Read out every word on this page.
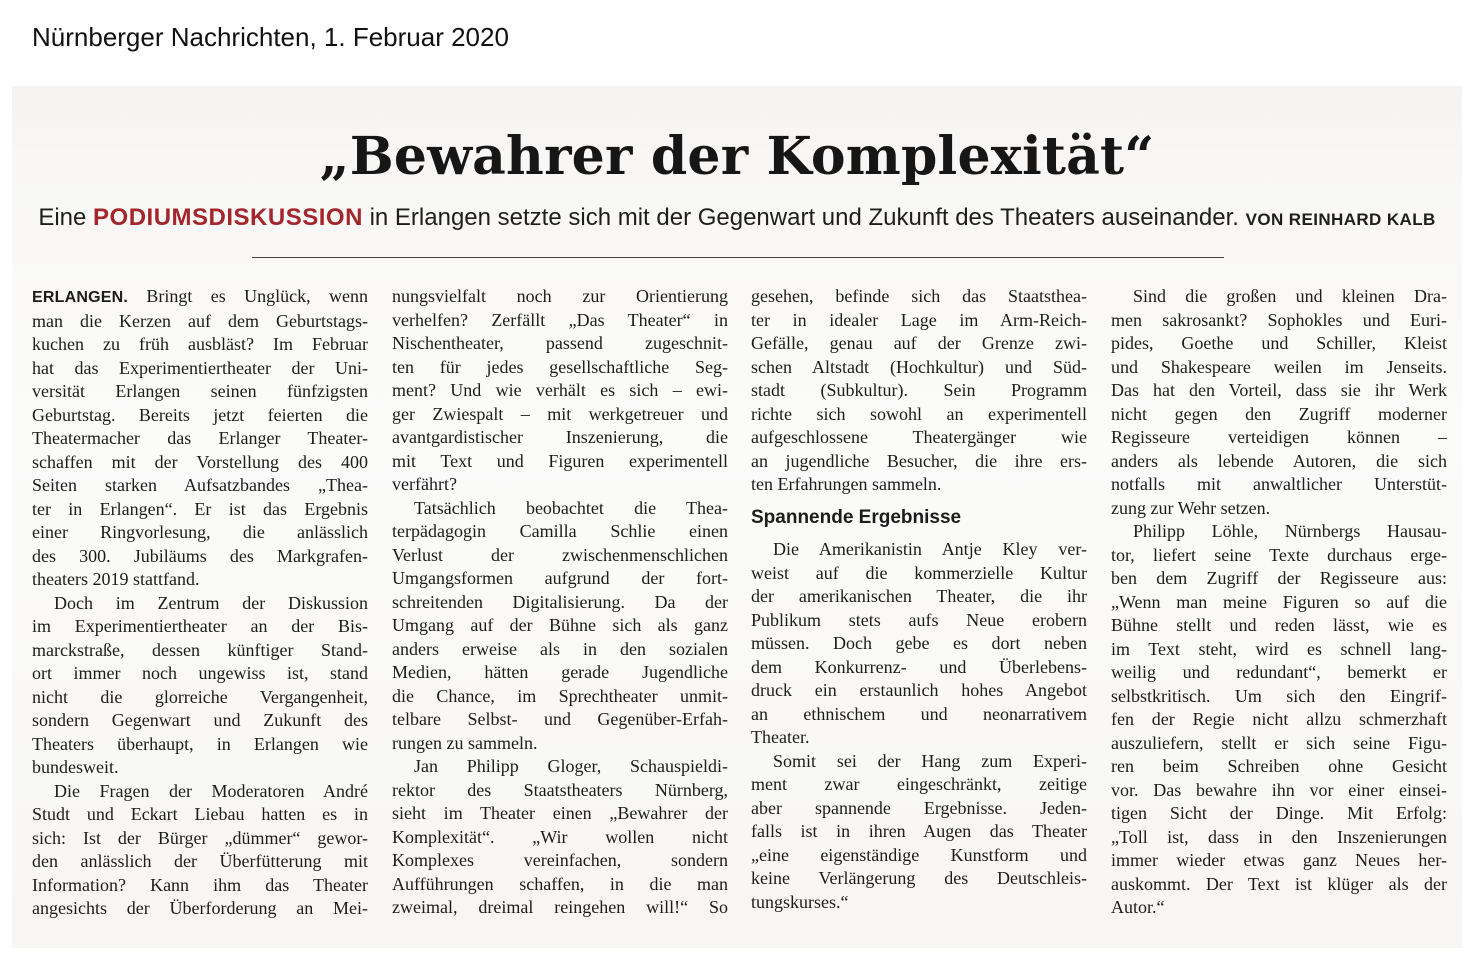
Nürnberger Nachrichten, 1. Februar 2020
„Bewahrer der Komplexität“
Eine PODIUMSDISKUSSION in Erlangen setzte sich mit der Gegenwart und Zukunft des Theaters auseinander. VON REINHARD KALB
ERLANGEN. Bringt es Unglück, wenn
man die Kerzen auf dem Geburtstags-
kuchen zu früh ausbläst? Im Februar
hat das Experimentiertheater der Uni-
versität Erlangen seinen fünfzigsten
Geburtstag. Bereits jetzt feierten die
Theatermacher das Erlanger Theater-
schaffen mit der Vorstellung des 400
Seiten starken Aufsatzbandes „Thea-
ter in Erlangen“. Er ist das Ergebnis
einer Ringvorlesung, die anlässlich
des 300. Jubiläums des Markgrafen-
theaters 2019 stattfand.
Doch im Zentrum der Diskussion
im Experimentiertheater an der Bis-
marckstraße, dessen künftiger Stand-
ort immer noch ungewiss ist, stand
nicht die glorreiche Vergangenheit,
sondern Gegenwart und Zukunft des
Theaters überhaupt, in Erlangen wie
bundesweit.
Die Fragen der Moderatoren André
Studt und Eckart Liebau hatten es in
sich: Ist der Bürger „dümmer“ gewor-
den anlässlich der Überfütterung mit
Information? Kann ihm das Theater
angesichts der Überforderung an Mei-
nungsvielfalt noch zur Orientierung
verhelfen? Zerfällt „Das Theater“ in
Nischentheater, passend zugeschnit-
ten für jedes gesellschaftliche Seg-
ment? Und wie verhält es sich – ewi-
ger Zwiespalt – mit werkgetreuer und
avantgardistischer Inszenierung, die
mit Text und Figuren experimentell
verfährt?
Tatsächlich beobachtet die Thea-
terpädagogin Camilla Schlie einen
Verlust der zwischenmenschlichen
Umgangsformen aufgrund der fort-
schreitenden Digitalisierung. Da der
Umgang auf der Bühne sich als ganz
anders erweise als in den sozialen
Medien, hätten gerade Jugendliche
die Chance, im Sprechtheater unmit-
telbare Selbst- und Gegenüber-Erfah-
rungen zu sammeln.
Jan Philipp Gloger, Schauspieldi-
rektor des Staatstheaters Nürnberg,
sieht im Theater einen „Bewahrer der
Komplexität“. „Wir wollen nicht
Komplexes vereinfachen, sondern
Aufführungen schaffen, in die man
zweimal, dreimal reingehen will!“ So
gesehen, befinde sich das Staatsthea-
ter in idealer Lage im Arm-Reich-
Gefälle, genau auf der Grenze zwi-
schen Altstadt (Hochkultur) und Süd-
stadt (Subkultur). Sein Programm
richte sich sowohl an experimentell
aufgeschlossene Theatergänger wie
an jugendliche Besucher, die ihre ers-
ten Erfahrungen sammeln.
Spannende Ergebnisse
Die Amerikanistin Antje Kley ver-
weist auf die kommerzielle Kultur
der amerikanischen Theater, die ihr
Publikum stets aufs Neue erobern
müssen. Doch gebe es dort neben
dem Konkurrenz- und Überlebens-
druck ein erstaunlich hohes Angebot
an ethnischem und neonarrativem
Theater.
Somit sei der Hang zum Experi-
ment zwar eingeschränkt, zeitige
aber spannende Ergebnisse. Jeden-
falls ist in ihren Augen das Theater
„eine eigenständige Kunstform und
keine Verlängerung des Deutschleis-
tungskurses.“
Sind die großen und kleinen Dra-
men sakrosankt? Sophokles und Euri-
pides, Goethe und Schiller, Kleist
und Shakespeare weilen im Jenseits.
Das hat den Vorteil, dass sie ihr Werk
nicht gegen den Zugriff moderner
Regisseure verteidigen können –
anders als lebende Autoren, die sich
notfalls mit anwaltlicher Unterstüt-
zung zur Wehr setzen.
Philipp Löhle, Nürnbergs Hausau-
tor, liefert seine Texte durchaus erge-
ben dem Zugriff der Regisseure aus:
„Wenn man meine Figuren so auf die
Bühne stellt und reden lässt, wie es
im Text steht, wird es schnell lang-
weilig und redundant“, bemerkt er
selbstkritisch. Um sich den Eingrif-
fen der Regie nicht allzu schmerzhaft
auszuliefern, stellt er sich seine Figu-
ren beim Schreiben ohne Gesicht
vor. Das bewahre ihn vor einer einsei-
tigen Sicht der Dinge. Mit Erfolg:
„Toll ist, dass in den Inszenierungen
immer wieder etwas ganz Neues her-
auskommt. Der Text ist klüger als der
Autor.“
